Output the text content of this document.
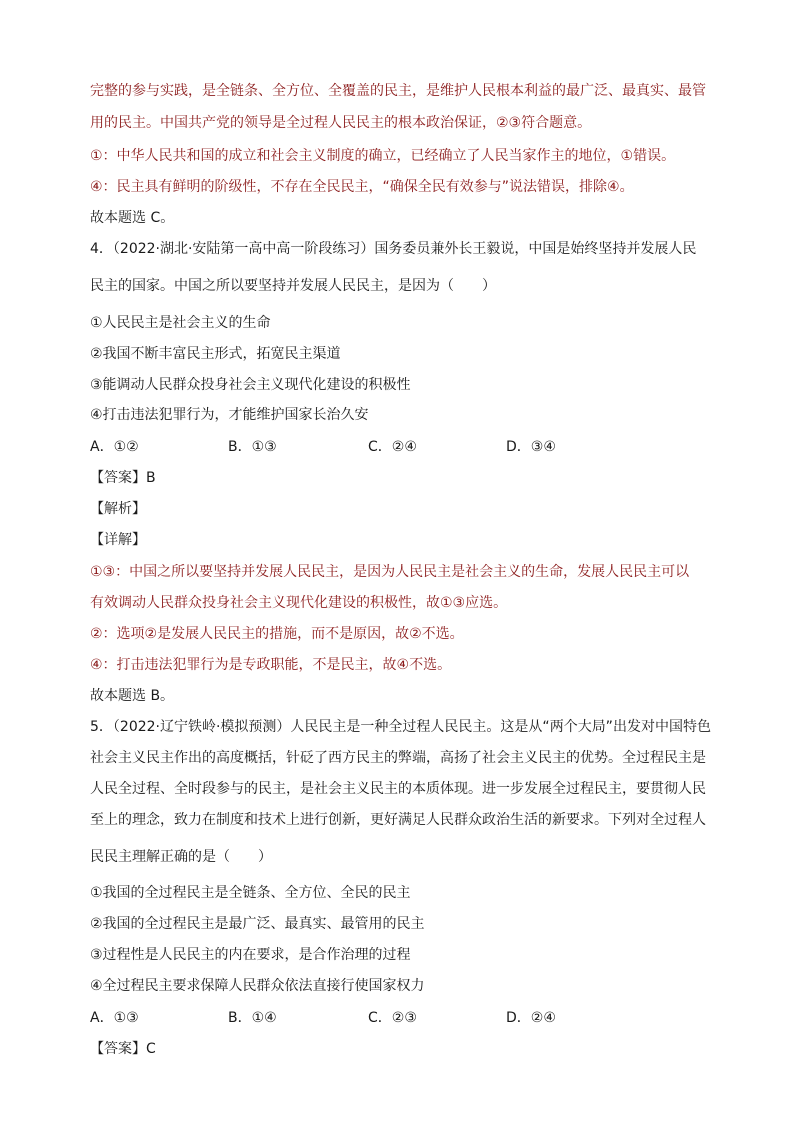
完整的参与实践，是全链条、全方位、全覆盖的民主，是维护人民根本利益的最广泛、最真实、最管
用的民主。中国共产党的领导是全过程人民民主的根本政治保证，②③符合题意。
①：中华人民共和国的成立和社会主义制度的确立，已经确立了人民当家作主的地位，①错误。
④：民主具有鲜明的阶级性，不存在全民民主，“确保全民有效参与”说法错误，排除④。
故本题选 C。
4．（2022·湖北·安陆第一高中高一阶段练习）国务委员兼外长王毅说，中国是始终坚持并发展人民
民主的国家。中国之所以要坚持并发展人民民主，是因为（　　）
①人民民主是社会主义的生命
②我国不断丰富民主形式，拓宽民主渠道
③能调动人民群众投身社会主义现代化建设的积极性
④打击违法犯罪行为，才能维护国家长治久安
A．①②	B．①③	C．②④	D．③④
【答案】B
【解析】
【详解】
①③：中国之所以要坚持并发展人民民主，是因为人民民主是社会主义的生命，发展人民民主可以
有效调动人民群众投身社会主义现代化建设的积极性，故①③应选。
②：选项②是发展人民民主的措施，而不是原因，故②不选。
④：打击违法犯罪行为是专政职能，不是民主，故④不选。
故本题选 B。
5．（2022·辽宁铁岭·模拟预测）人民民主是一种全过程人民民主。这是从“两个大局”出发对中国特色
社会主义民主作出的高度概括，针砭了西方民主的弊端，高扬了社会主义民主的优势。全过程民主是
人民全过程、全时段参与的民主，是社会主义民主的本质体现。进一步发展全过程民主，要贯彻人民
至上的理念，致力在制度和技术上进行创新，更好满足人民群众政治生活的新要求。下列对全过程人
民民主理解正确的是（　　）
①我国的全过程民主是全链条、全方位、全民的民主
②我国的全过程民主是最广泛、最真实、最管用的民主
③过程性是人民民主的内在要求，是合作治理的过程
④全过程民主要求保障人民群众依法直接行使国家权力
A．①③	B．①④	C．②③	D．②④
【答案】C
